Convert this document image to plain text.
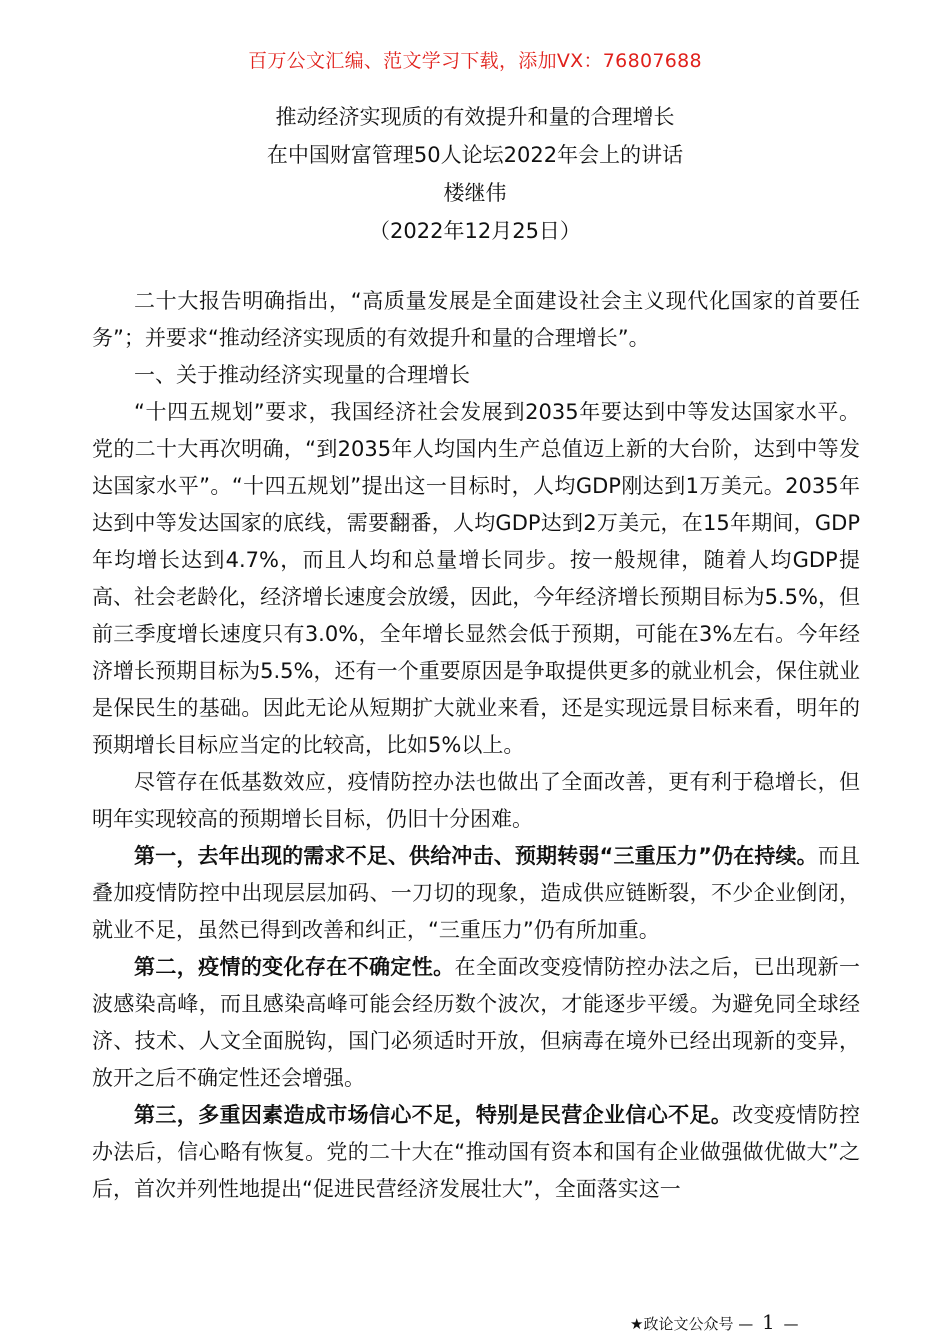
百万公文汇编、范文学习下载，添加VX：76807688
推动经济实现质的有效提升和量的合理增长
在中国财富管理50人论坛2022年会上的讲话
楼继伟
（2022年12月25日）

二十大报告明确指出，“高质量发展是全面建设社会主义现代化国家的首要任务”；并要求“推动经济实现质的有效提升和量的合理增长”。

一、关于推动经济实现量的合理增长

“十四五规划”要求，我国经济社会发展到2035年要达到中等发达国家水平。党的二十大再次明确，“到2035年人均国内生产总值迈上新的大台阶，达到中等发达国家水平”。“十四五规划”提出这一目标时，人均GDP刚达到1万美元。2035年达到中等发达国家的底线，需要翻番，人均GDP达到2万美元，在15年期间，GDP年均增长达到4.7%，而且人均和总量增长同步。按一般规律，随着人均GDP提高、社会老龄化，经济增长速度会放缓，因此，今年经济增长预期目标为5.5%，但前三季度增长速度只有3.0%，全年增长显然会低于预期，可能在3%左右。今年经济增长预期目标为5.5%，还有一个重要原因是争取提供更多的就业机会，保住就业是保民生的基础。因此无论从短期扩大就业来看，还是实现远景目标来看，明年的预期增长目标应当定的比较高，比如5%以上。

尽管存在低基数效应，疫情防控办法也做出了全面改善，更有利于稳增长，但明年实现较高的预期增长目标，仍旧十分困难。

第一，去年出现的需求不足、供给冲击、预期转弱“三重压力”仍在持续。而且叠加疫情防控中出现层层加码、一刀切的现象，造成供应链断裂，不少企业倒闭，就业不足，虽然已得到改善和纠正，“三重压力”仍有所加重。

第二，疫情的变化存在不确定性。在全面改变疫情防控办法之后，已出现新一波感染高峰，而且感染高峰可能会经历数个波次，才能逐步平缓。为避免同全球经济、技术、人文全面脱钩，国门必须适时开放，但病毒在境外已经出现新的变异，放开之后不确定性还会增强。

第三，多重因素造成市场信心不足，特别是民营企业信心不足。改变疫情防控办法后，信心略有恢复。党的二十大在“推动国有资本和国有企业做强做优做大”之后，首次并列性地提出“促进民营经济发展壮大”，全面落实这一

★政论文公众号 — 1 —
